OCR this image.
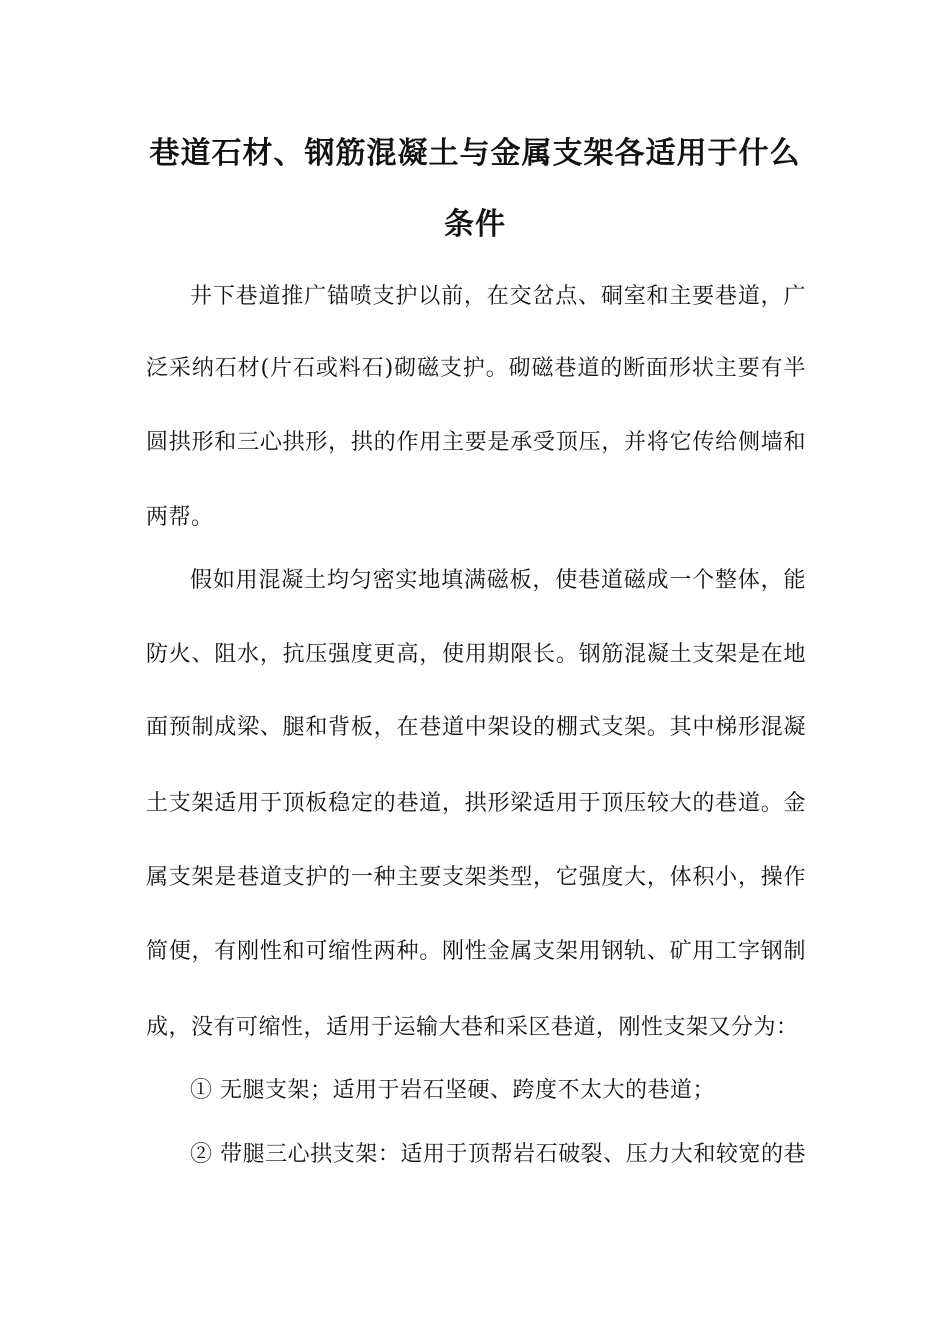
巷道石材、钢筋混凝土与金属支架各适用于什么
条件
井下巷道推广锚喷支护以前，在交岔点、硐室和主要巷道，广
泛采纳石材(片石或料石)砌磁支护。砌磁巷道的断面形状主要有半
圆拱形和三心拱形，拱的作用主要是承受顶压，并将它传给侧墙和
两帮。
假如用混凝土均匀密实地填满磁板，使巷道磁成一个整体，能
防火、阻水，抗压强度更高，使用期限长。钢筋混凝土支架是在地
面预制成梁、腿和背板，在巷道中架设的棚式支架。其中梯形混凝
土支架适用于顶板稳定的巷道，拱形梁适用于顶压较大的巷道。金
属支架是巷道支护的一种主要支架类型，它强度大，体积小，操作
简便，有刚性和可缩性两种。刚性金属支架用钢轨、矿用工字钢制
成，没有可缩性，适用于运输大巷和采区巷道，刚性支架又分为：
① 无腿支架；适用于岩石坚硬、跨度不太大的巷道；
② 带腿三心拱支架：适用于顶帮岩石破裂、压力大和较宽的巷
